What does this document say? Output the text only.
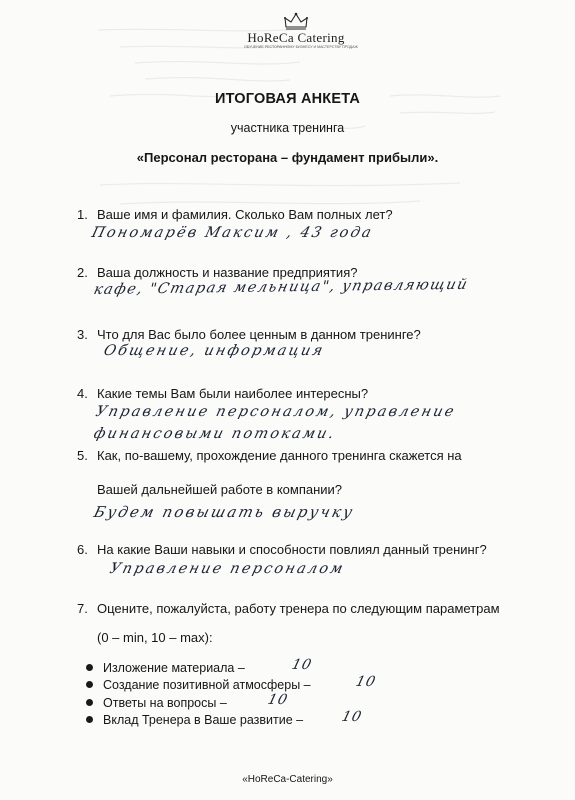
HoReCa Catering
ОБУЧЕНИЕ РЕСТОРАННОМУ БИЗНЕСУ И МАСТЕРСТВУ ПРОДАЖ
ИТОГОВАЯ АНКЕТА
участника тренинга
«Персонал ресторана – фундамент прибыли».
1. Ваше имя и фамилия. Сколько Вам полных лет?
Пономарёв Максим , 43 года
2. Ваша должность и название предприятия?
кафе, "Старая мельница", управляющий
3. Что для Вас было более ценным в данном тренинге?
Общение, информация
4. Какие темы Вам были наиболее интересны?
Управление персоналом, управление
финансовыми потоками.
5. Как, по-вашему, прохождение данного тренинга скажется на
Вашей дальнейшей работе в компании?
Будем повышать выручку
6. На какие Ваши навыки и способности повлиял данный тренинг?
Управление персоналом
7. Оцените, пожалуйста, работу тренера по следующим параметрам
(0 – min, 10 – max):
Изложение материала –	10
Создание позитивной атмосферы –	10
Ответы на вопросы –	10
Вклад Тренера в Ваше развитие –	10
«HoReCa-Catering»
